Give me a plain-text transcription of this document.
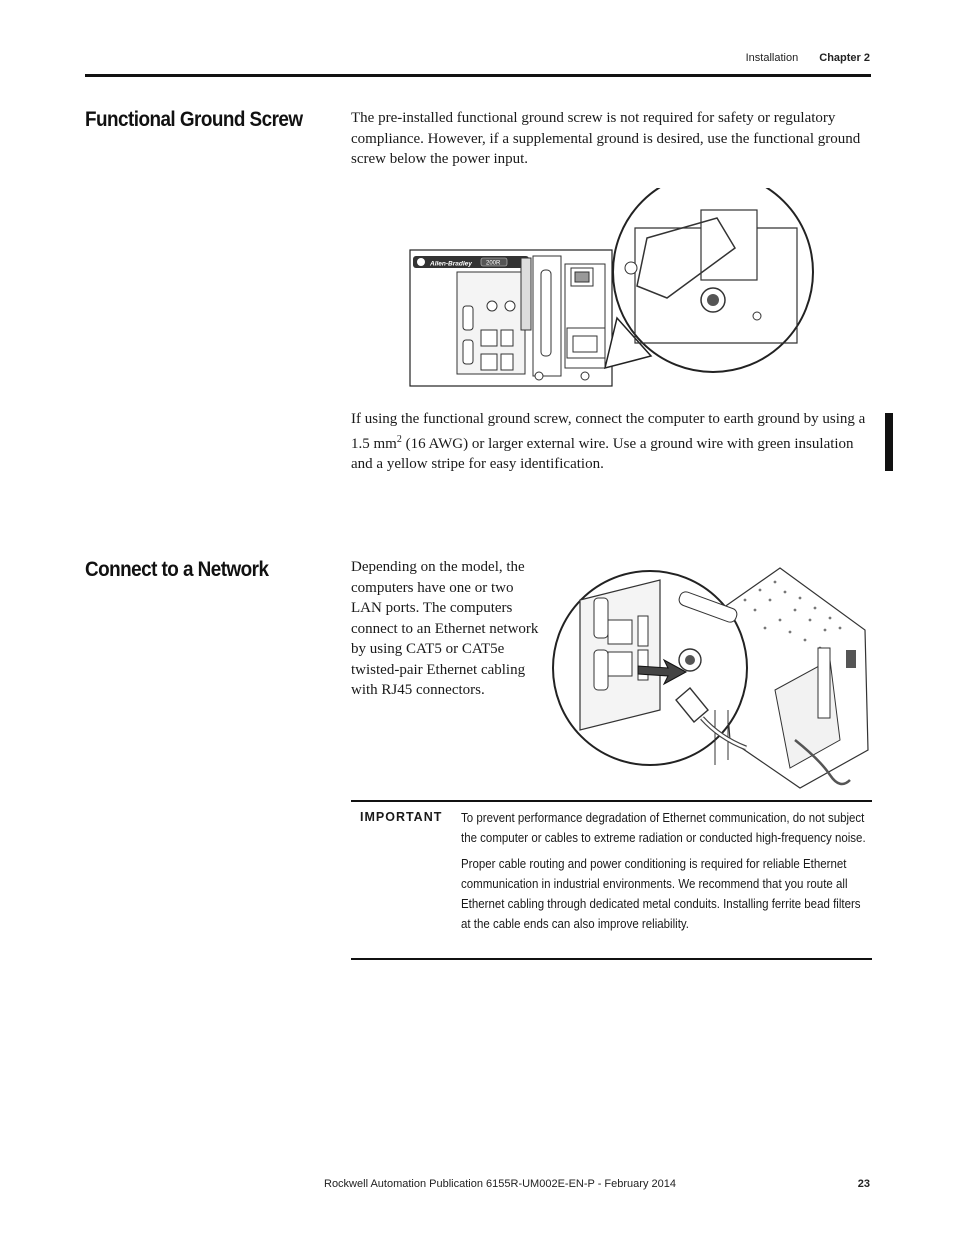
Installation Chapter 2
Functional Ground Screw	The pre-installed functional ground screw is not required for safety or regulatory compliance. However, if a supplemental ground is desired, use the functional ground screw below the power input.

Allen-Bradley 200R

If using the functional ground screw, connect the computer to earth ground by using a 1.5 $mm^2$ (16 AWG) or larger external wire. Use a ground wire with green insulation and a yellow stripe for easy identification.

Connect to a Network	Depending on the model, the computers have one or two LAN ports. The computers connect to an Ethernet network by using CAT5 or CAT5e twisted-pair Ethernet cabling with RJ45 connectors.

IMPORTANT To prevent performance degradation of Ethernet communication, do not subject the computer or cables to extreme radiation or conducted high-frequency noise.

Proper cable routing and power conditioning is required for reliable Ethernet communication in industrial environments. We recommend that you route all Ethernet cabling through dedicated metal conduits. Installing ferrite bead filters at the cable ends can also improve reliability.

Rockwell Automation Publication 6155R-UM002E-EN-P - February 2014	23
